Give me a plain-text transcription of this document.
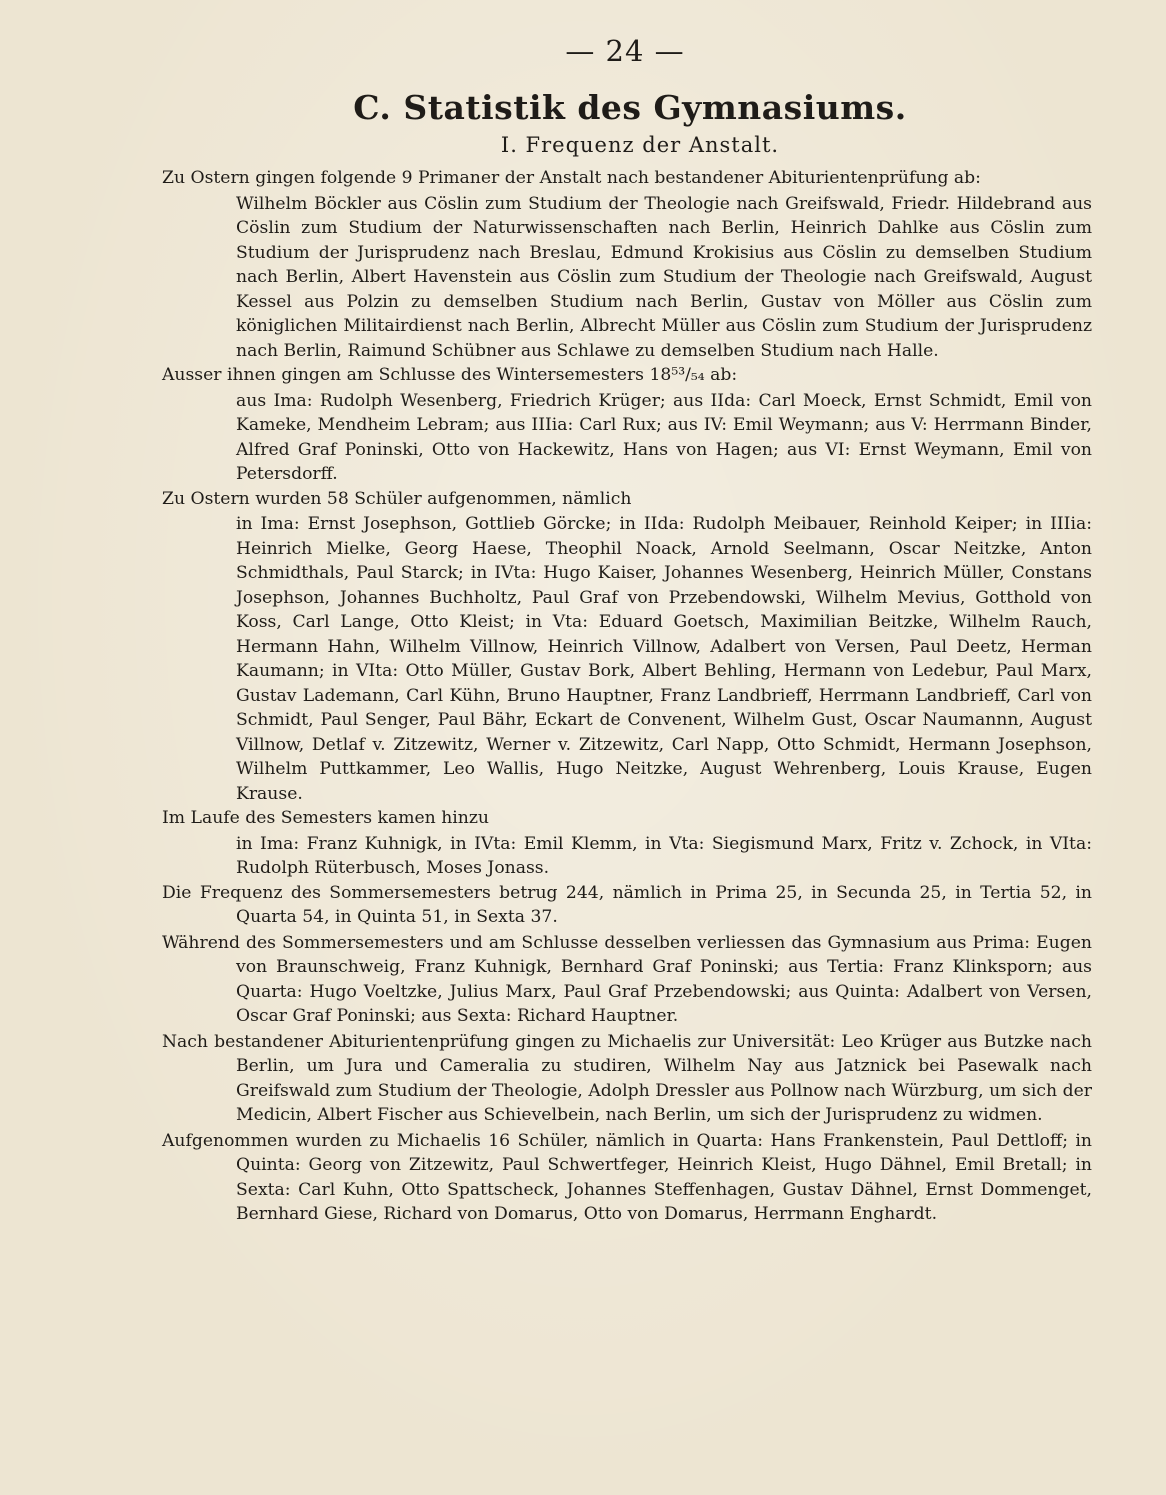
— 24 —
C. Statistik des Gymnasiums.
I. Frequenz der Anstalt.

Zu Ostern gingen folgende 9 Primaner der Anstalt nach bestandener Abiturientenprüfung ab:

Wilhelm Böckler aus Cöslin zum Studium der Theologie nach Greifswald, Friedr. Hildebrand aus Cöslin zum Studium der Naturwissenschaften nach Berlin, Heinrich Dahlke aus Cöslin zum Studium der Jurisprudenz nach Breslau, Edmund Krokisius aus Cöslin zu demselben Studium nach Berlin, Albert Havenstein aus Cöslin zum Studium der Theologie nach Greifswald, August Kessel aus Polzin zu demselben Studium nach Berlin, Gustav von Möller aus Cöslin zum königlichen Militairdienst nach Berlin, Albrecht Müller aus Cöslin zum Studium der Jurisprudenz nach Berlin, Raimund Schübner aus Schlawe zu demselben Studium nach Halle.

Ausser ihnen gingen am Schlusse des Wintersemesters 18⁵³/₅₄ ab:

aus Ima: Rudolph Wesenberg, Friedrich Krüger; aus IIda: Carl Moeck, Ernst Schmidt, Emil von Kameke, Mendheim Lebram; aus IIIia: Carl Rux; aus IV: Emil Weymann; aus V: Herrmann Binder, Alfred Graf Poninski, Otto von Hackewitz, Hans von Hagen; aus VI: Ernst Weymann, Emil von Petersdorff.

Zu Ostern wurden 58 Schüler aufgenommen, nämlich

in Ima: Ernst Josephson, Gottlieb Görcke; in IIda: Rudolph Meibauer, Reinhold Keiper; in IIIia: Heinrich Mielke, Georg Haese, Theophil Noack, Arnold Seelmann, Oscar Neitzke, Anton Schmidthals, Paul Starck; in IVta: Hugo Kaiser, Johannes Wesenberg, Heinrich Müller, Constans Josephson, Johannes Buchholtz, Paul Graf von Przebendowski, Wilhelm Mevius, Gotthold von Koss, Carl Lange, Otto Kleist; in Vta: Eduard Goetsch, Maximilian Beitzke, Wilhelm Rauch, Hermann Hahn, Wilhelm Villnow, Heinrich Villnow, Adalbert von Versen, Paul Deetz, Herman Kaumann; in VIta: Otto Müller, Gustav Bork, Albert Behling, Hermann von Ledebur, Paul Marx, Gustav Lademann, Carl Kühn, Bruno Hauptner, Franz Landbrieff, Herrmann Landbrieff, Carl von Schmidt, Paul Senger, Paul Bähr, Eckart de Convenent, Wilhelm Gust, Oscar Naumannn, August Villnow, Detlaf v. Zitzewitz, Werner v. Zitzewitz, Carl Napp, Otto Schmidt, Hermann Josephson, Wilhelm Puttkammer, Leo Wallis, Hugo Neitzke, August Wehrenberg, Louis Krause, Eugen Krause.

Im Laufe des Semesters kamen hinzu

in Ima: Franz Kuhnigk, in IVta: Emil Klemm, in Vta: Siegismund Marx, Fritz v. Zchock, in VIta: Rudolph Rüterbusch, Moses Jonass.

Die Frequenz des Sommersemesters betrug 244, nämlich in Prima 25, in Secunda 25, in Tertia 52, in Quarta 54, in Quinta 51, in Sexta 37.

Während des Sommersemesters und am Schlusse desselben verliessen das Gymnasium aus Prima: Eugen von Braunschweig, Franz Kuhnigk, Bernhard Graf Poninski; aus Tertia: Franz Klinksporn; aus Quarta: Hugo Voeltzke, Julius Marx, Paul Graf Przebendowski; aus Quinta: Adalbert von Versen, Oscar Graf Poninski; aus Sexta: Richard Hauptner.

Nach bestandener Abiturientenprüfung gingen zu Michaelis zur Universität: Leo Krüger aus Butzke nach Berlin, um Jura und Cameralia zu studiren, Wilhelm Nay aus Jatznick bei Pasewalk nach Greifswald zum Studium der Theologie, Adolph Dressler aus Pollnow nach Würzburg, um sich der Medicin, Albert Fischer aus Schievelbein, nach Berlin, um sich der Jurisprudenz zu widmen.

Aufgenommen wurden zu Michaelis 16 Schüler, nämlich in Quarta: Hans Frankenstein, Paul Dettloff; in Quinta: Georg von Zitzewitz, Paul Schwertfeger, Heinrich Kleist, Hugo Dähnel, Emil Bretall; in Sexta: Carl Kuhn, Otto Spattscheck, Johannes Steffenhagen, Gustav Dähnel, Ernst Dommenget, Bernhard Giese, Richard von Domarus, Otto von Domarus, Herrmann Enghardt.
